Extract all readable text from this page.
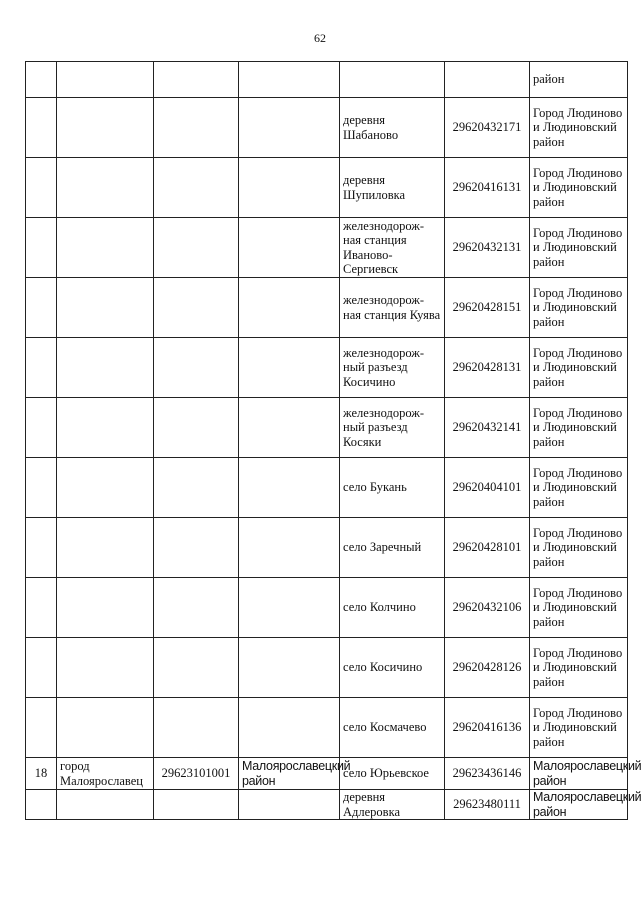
62
						район
				деревня Шабаново	29620432171	Город Людиново и Людиновский район
				деревня Шупиловка	29620416131	Город Людиново и Людиновский район
				железнодорож-ная станция Иваново-Сергиевск	29620432131	Город Людиново и Людиновский район
				железнодорож-ная станция Куява	29620428151	Город Людиново и Людиновский район
				железнодорож-ный разъезд Косичино	29620428131	Город Людиново и Людиновский район
				железнодорож-ный разъезд Косяки	29620432141	Город Людиново и Людиновский район
				село Букань	29620404101	Город Людиново и Людиновский район
				село Заречный	29620428101	Город Людиново и Людиновский район
				село Колчино	29620432106	Город Людиново и Людиновский район
				село Косичино	29620428126	Город Людиново и Людиновский район
				село Космачево	29620416136	Город Людиново и Людиновский район
18	город Малоярославец	29623101001	Малоярославецкий район	село Юрьевское	29623436146	Малоярославецкий район
				деревня Адлеровка	29623480111	Малоярославецкий район
